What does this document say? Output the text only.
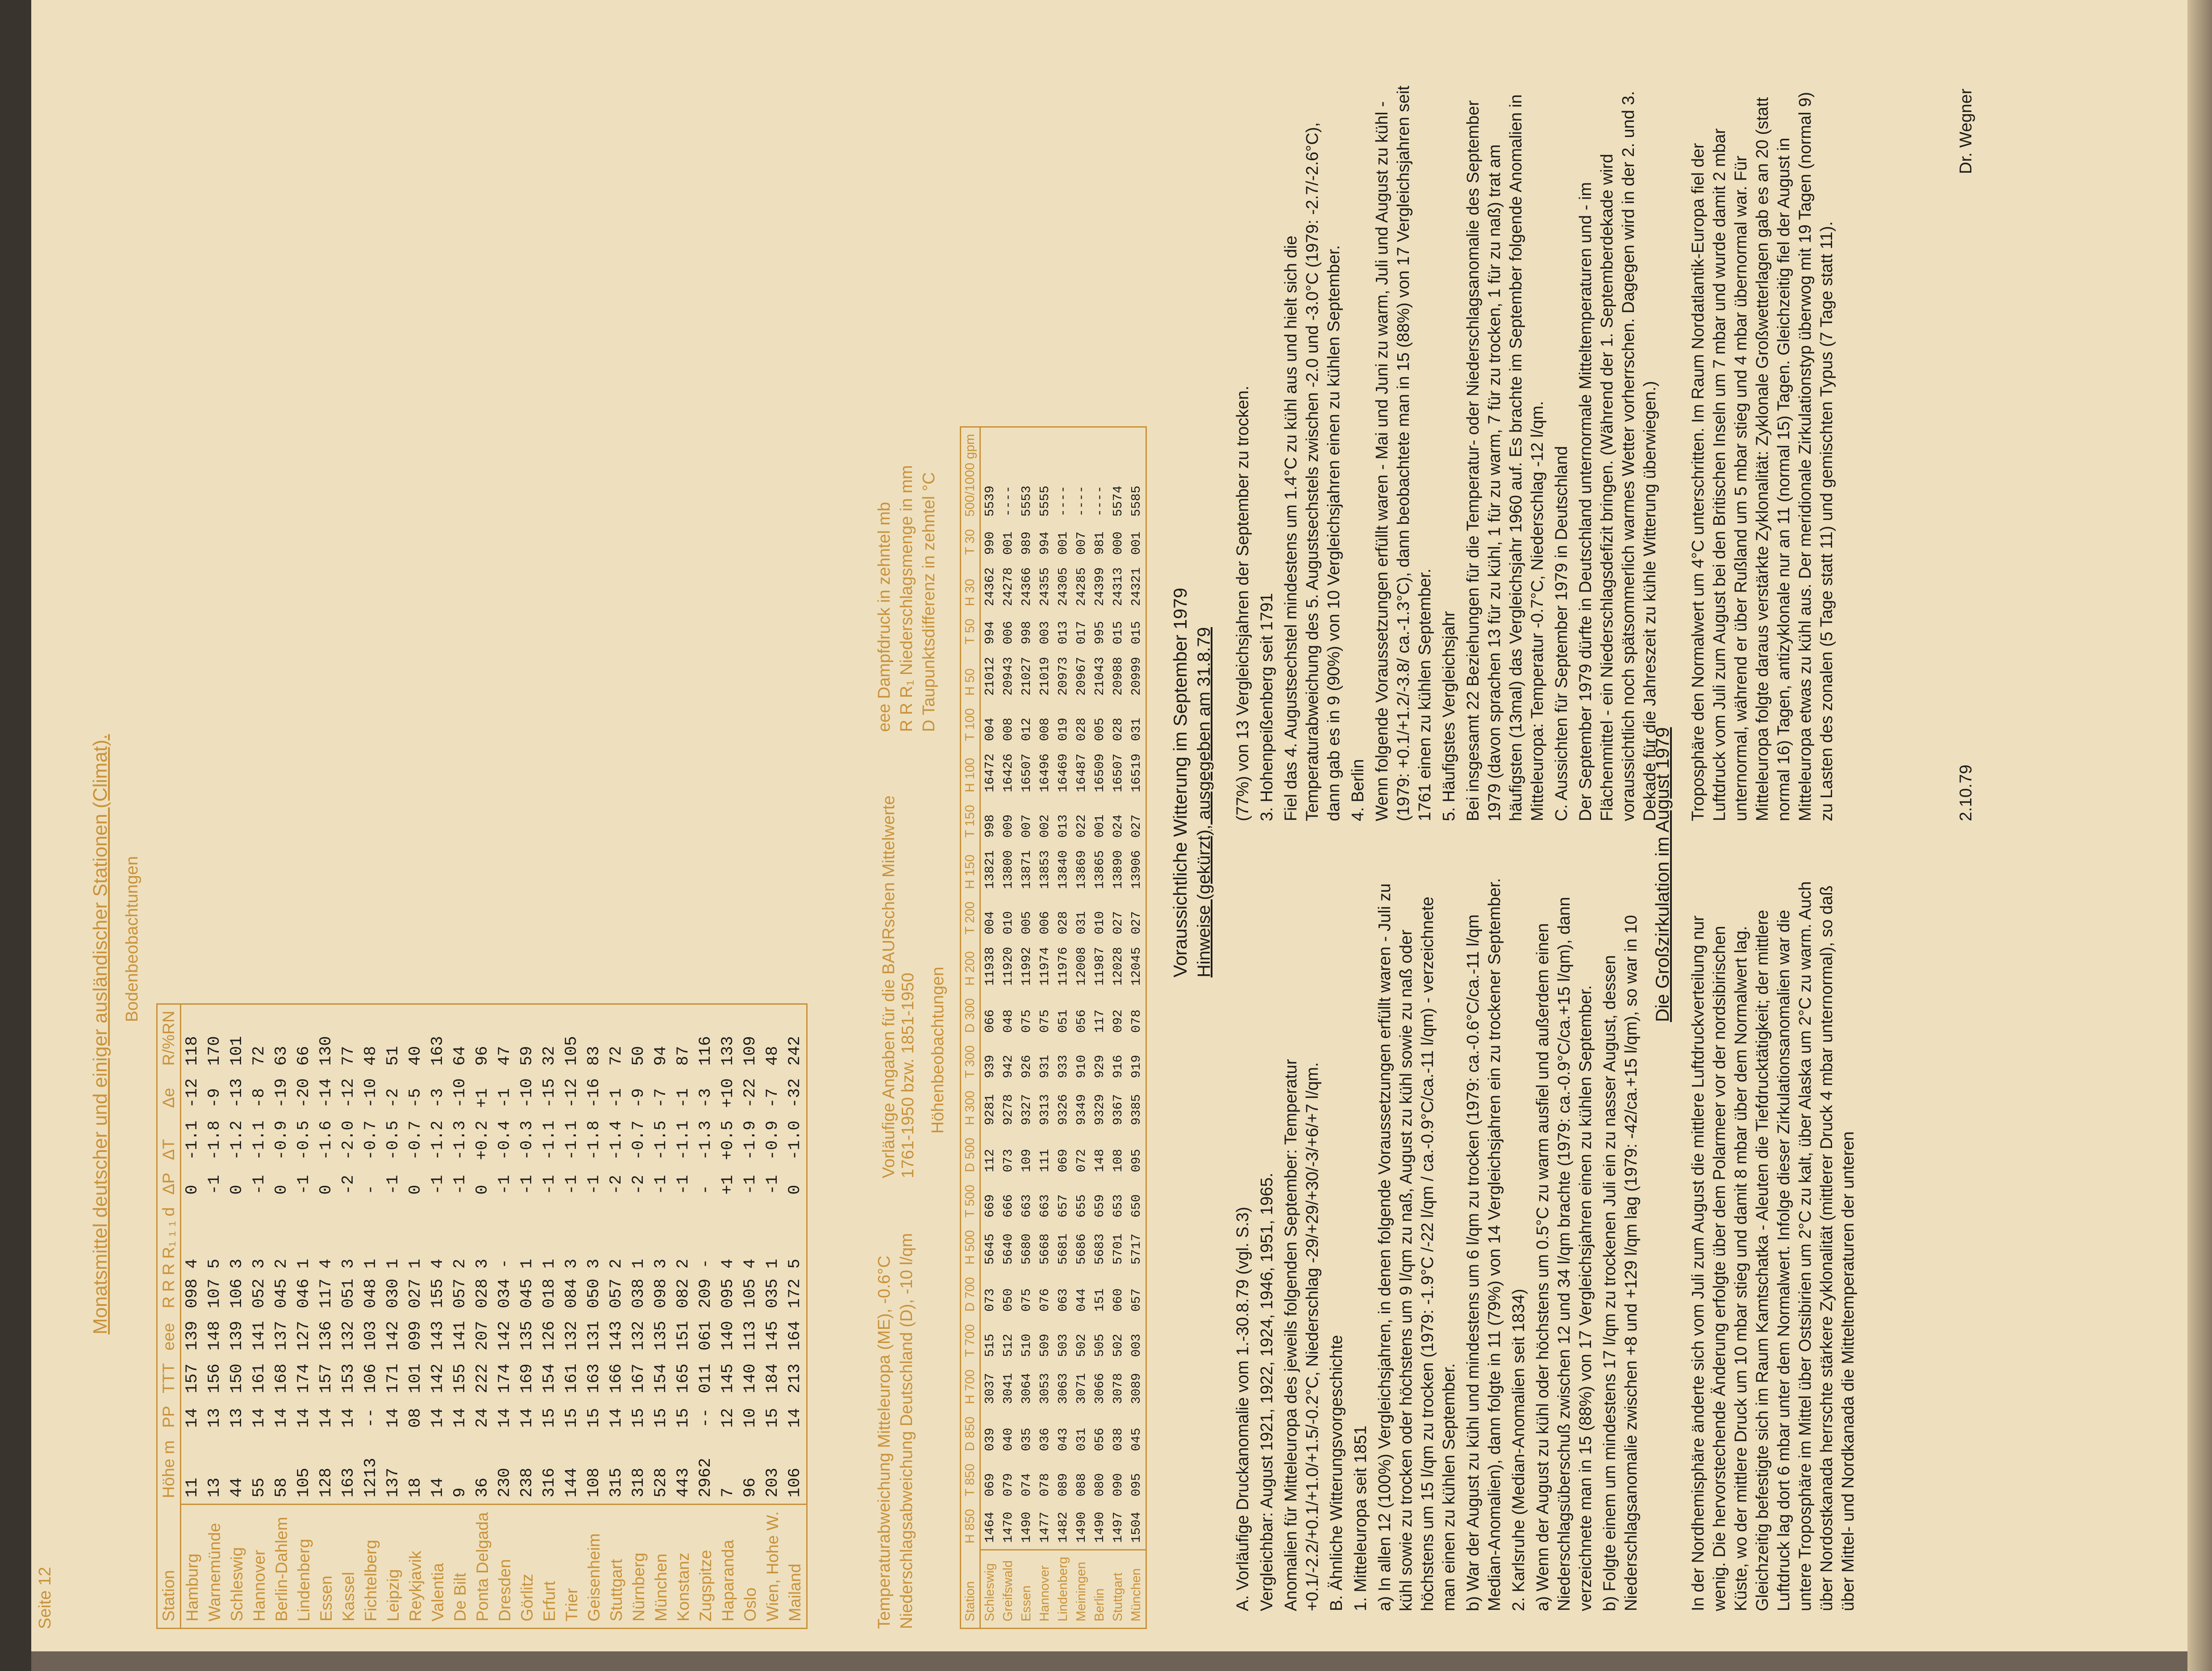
Seite 12
Monatsmittel deutscher und einiger ausländischer Stationen (Climat). Bodenbeobachtungen
Station	Höhe m	PP	TTT	eee	R R R R₁ ₁ ₁ d	ΔP	ΔT	Δe	R/%RN
Hamburg	11	14	157	139	098 4	0	-1.1	-12	118
Warnemünde	13	13	156	148	107 5	-1	-1.8	-9	170
Schleswig	44	13	150	139	106 3	0	-1.2	-13	101
Hannover	55	14	161	141	052 3	-1	-1.1	-8	72
Berlin-Dahlem	58	14	168	137	045 2	0	-0.9	-19	63
Lindenberg	105	14	174	127	046 1	-1	-0.5	-20	66
Essen	128	14	157	136	117 4	0	-1.6	-14	130
Kassel	163	14	153	132	051 3	-2	-2.0	-12	77
Fichtelberg	1213	--	106	103	048 1	-	-0.7	-10	48
Leipzig	137	14	171	142	030 1	-1	-0.5	-2	51
Reykjavik	18	08	101	099	027 1	0	-0.7	-5	40
Valentia	14	14	142	143	155 4	-1	-1.2	-3	163
De Bilt	9	14	155	141	057 2	-1	-1.3	-10	64
Ponta Delgada	36	24	222	207	028 3	0	+0.2	+1	96
Dresden	230	14	174	142	034 -	-1	-0.4	-1	47
Görlitz	238	14	169	135	045 1	-1	-0.3	-10	59
Erfurt	316	15	154	126	018 1	-1	-1.1	-15	32
Trier	144	15	161	132	084 3	-1	-1.1	-12	105
Geisenheim	108	15	163	131	050 3	-1	-1.8	-16	83
Stuttgart	315	14	166	143	057 2	-2	-1.4	-1	72
Nürnberg	318	15	167	132	038 1	-2	-0.7	-9	50
München	528	15	154	135	098 3	-1	-1.5	-7	94
Konstanz	443	15	165	151	082 2	-1	-1.1	-1	87
Zugspitze	2962	--	011	061	209 -	-	-1.3	-3	116
Haparanda	7	12	145	140	095 4	+1	+0.5	+10	133
Oslo	96	10	140	113	105 4	-1	-1.9	-22	109
Wien, Hohe W.	203	15	184	145	035 1	-1	-0.9	-7	48
Mailand	106	14	213	164	172 5	0	-1.0	-32	242
Temperaturabweichung Mitteleuropa (ME), -0.6°C Niederschlagsabweichung Deutschland (D), -10 l/qm
Vorläufige Angaben für die BAURschen Mittelwerte 1761-1950 bzw. 1851-1950
eee Dampfdruck in zehntel mb R R R₁ Niederschlagsmenge in mm D Taupunktsdifferenz in zehntel °C
Höhenbeobachtungen
Station	H 850	T 850	D 850	H 700	T 700	D 700	H 500	T 500	D 500	H 300	T 300	D 300	H 200	T 200	H 150	T 150	H 100	T 100	H 50	T 50	H 30	T 30	500/1000 gpm
Schleswig	1464	069	039	3037	515	073	5645	669	112	9281	939	066	11938	004	13821	998	16472	004	21012	994	24362	990	5539
Greifswald	1470	079	040	3041	512	050	5640	666	073	9278	942	048	11920	010	13800	009	16426	008	20943	006	24278	001	----
Essen	1490	074	035	3064	510	075	5680	663	109	9327	926	075	11992	005	13871	007	16507	012	21027	998	24366	989	5553
Hannover	1477	078	036	3053	509	076	5668	663	111	9313	931	075	11974	006	13853	002	16496	008	21019	003	24355	994	5555
Lindenberg	1482	089	043	3063	503	063	5681	657	069	9326	933	051	11976	028	13840	013	16469	019	20973	013	24305	001	----
Meiningen	1490	088	031	3071	502	044	5686	655	072	9349	910	056	12008	031	13869	022	16487	028	20967	017	24285	007	----
Berlin	1490	080	056	3066	505	151	5683	659	148	9329	929	117	11987	010	13865	001	16509	005	21043	995	24399	981	----
Stuttgart	1497	090	038	3078	502	060	5701	653	108	9367	916	092	12028	027	13890	024	16507	028	20988	015	24313	000	5574
München	1504	095	045	3089	003	057	5717	650	095	9385	919	078	12045	027	13906	027	16519	031	20999	015	24321	001	5585
Voraussichtliche Witterung im September 1979 Hinweise (gekürzt), ausgegeben am 31.8.79

A. Vorläufige Druckanomalie vom 1.-30.8.79 (vgl. S.3) Vergleichbar: August 1921, 1922, 1924, 1946, 1951, 1965. Anomalien für Mitteleuropa des jeweils folgenden September: Temperatur +0.1/-2.2/+0.1/+1.0/+1.5/-0.2°C, Niederschlag -29/+29/+30/-3/+6/+7 l/qm. B. Ähnliche Witterungsvorgeschichte 1. Mitteleuropa seit 1851 a) In allen 12 (100%) Vergleichsjahren, in denen folgende Voraussetzungen erfüllt waren - Juli zu kühl sowie zu trocken oder höchstens um 9 l/qm zu naß, August zu kühl sowie zu naß oder höchstens um 15 l/qm zu trocken (1979: -1.9°C /-22 l/qm / ca.-0.9°C/ca.-11 l/qm) - verzeichnete man einen zu kühlen September. b) War der August zu kühl und mindestens um 6 l/qm zu trocken (1979: ca.-0.6°C/ca.-11 l/qm Median-Anomalien), dann folgte in 11 (79%) von 14 Vergleichsjahren ein zu trockener September. 2. Karlsruhe (Median-Anomalien seit 1834) a) Wenn der August zu kühl oder höchstens um 0.5°C zu warm ausfiel und außerdem einen Niederschlagsüberschuß zwischen 12 und 34 l/qm brachte (1979: ca.-0.9°C/ca.+15 l/qm), dann verzeichnete man in 15 (88%) von 17 Vergleichsjahren einen zu kühlen September. b) Folgte einem um mindestens 17 l/qm zu trockenen Juli ein zu nasser August, dessen Niederschlagsanomalie zwischen +8 und +129 l/qm lag (1979: -42/ca.+15 l/qm), so war in 10

(77%) von 13 Vergleichsjahren der September zu trocken. 3. Hohenpeißenberg seit 1791 Fiel das 4. Augustsechstel mindestens um 1.4°C zu kühl aus und hielt sich die Temperaturabweichung des 5. Augustsechstels zwischen -2.0 und -3.0°C (1979: -2.7/-2.6°C), dann gab es in 9 (90%) von 10 Vergleichsjahren einen zu kühlen September. 4. Berlin Wenn folgende Voraussetzungen erfüllt waren - Mai und Juni zu warm, Juli und August zu kühl - (1979: +0.1/+1.2/-3.8/ ca.-1.3°C), dann beobachtete man in 15 (88%) von 17 Vergleichsjahren seit 1761 einen zu kühlen September. 5. Häufigstes Vergleichsjahr Bei insgesamt 22 Beziehungen für die Temperatur- oder Niederschlagsanomalie des September 1979 (davon sprachen 13 für zu kühl, 1 für zu warm, 7 für zu trocken, 1 für zu naß) trat am häufigsten (13mal) das Vergleichsjahr 1960 auf. Es brachte im September folgende Anomalien in Mitteleuropa: Temperatur -0.7°C, Niederschlag -12 l/qm. C. Aussichten für September 1979 in Deutschland Der September 1979 dürfte in Deutschland unternormale Mitteltemperaturen und - im Flächenmittel - ein Niederschlagsdefizit bringen. (Während der 1. Septemberdekade wird voraussichtlich noch spätsommerlich warmes Wetter vorherrschen. Dagegen wird in der 2. und 3. Dekade für die Jahreszeit zu kühle Witterung überwiegen.)

Die Großzirkulation im August 1979
In der Nordhemisphäre änderte sich vom Juli zum August die mittlere Luftdruckverteilung nur wenig. Die hervorstechende Änderung erfolgte über dem Polarmeer vor der nordsibirischen Küste, wo der mittlere Druck um 10 mbar stieg und damit 8 mbar über dem Normalwert lag. Gleichzeitig befestigte sich im Raum Kamtschatka - Aleuten die Tiefdrucktätigkeit; der mittlere Luftdruck lag dort 6 mbar unter dem Normalwert. Infolge dieser Zirkulationsanomalien war die untere Troposphäre im Mittel über Ostsibirien um 2°C zu kalt, über Alaska um 2°C zu warm. Auch über Nordostkanada herrschte stärkere Zyklonalität (mittlerer Druck 4 mbar unternormal), so daß über Mittel- und Nordkanada die Mitteltemperaturen der unteren
Troposphäre den Normalwert um 4°C unterschritten. Im Raum Nordatlantik-Europa fiel der Luftdruck vom Juli zum August bei den Britischen Inseln um 7 mbar und wurde damit 2 mbar unternormal, während er über Rußland um 5 mbar stieg und 4 mbar übernormal war. Für Mitteleuropa folgte daraus verstärkte Zyklonalität: Zyklonale Großwetterlagen gab es an 20 (statt normal 16) Tagen, antizyklonale nur an 11 (normal 15) Tagen. Gleichzeitig fiel der August in Mitteleuropa etwas zu kühl aus. Der meridionale Zirkulationstyp überwog mit 19 Tagen (normal 9) zu Lasten des zonalen (5 Tage statt 11) und gemischten Typus (7 Tage statt 11).	2.10.79
Dr. Wegner
